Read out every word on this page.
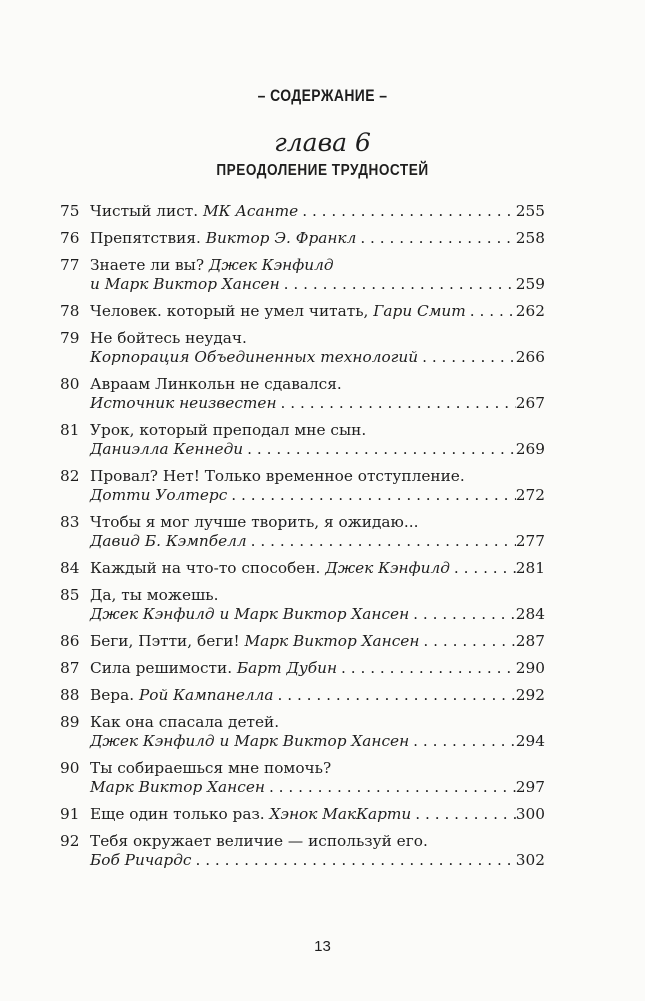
– СОДЕРЖАНИЕ –
глава 6
ПРЕОДОЛЕНИЕ ТРУДНОСТЕЙ
75 Чистый лист. МК Асанте . . .	255
76 Препятствия. Виктор Э. Франкл . . .	258
77 Знаете ли вы? Джек Кэнфилд
и Марк Виктор Хансен . . .	259
78 Человек. который не умел читать, Гари Смит . . .	262
79 Не бойтесь неудач.
Корпорация Объединенных технологий . . .	266
80 Авраам Линкольн не сдавался.
Источник неизвестен . . .	267
81 Урок, который преподал мне сын.
Даниэлла Кеннеди . . .	269
82 Провал? Нет! Только временное отступление.
Дотти Уолтерс . . .	272
83 Чтобы я мог лучше творить, я ожидаю...
Давид Б. Кэмпбелл . . .	277
84 Каждый на что-то способен. Джек Кэнфилд . . .	281
85 Да, ты можешь.
Джек Кэнфилд и Марк Виктор Хансен . . .	284
86 Беги, Пэтти, беги! Марк Виктор Хансен . . .	287
87 Сила решимости. Барт Дубин . . .	290
88 Вера. Рой Кампанелла . . .	292
89 Как она спасала детей.
Джек Кэнфилд и Марк Виктор Хансен . . .	294
90 Ты собираешься мне помочь?
Марк Виктор Хансен . . .	297
91 Еще один только раз. Хэнок МакКарти . . .	300
92 Тебя окружает величие — используй его.
Боб Ричардс . . .	302
13
